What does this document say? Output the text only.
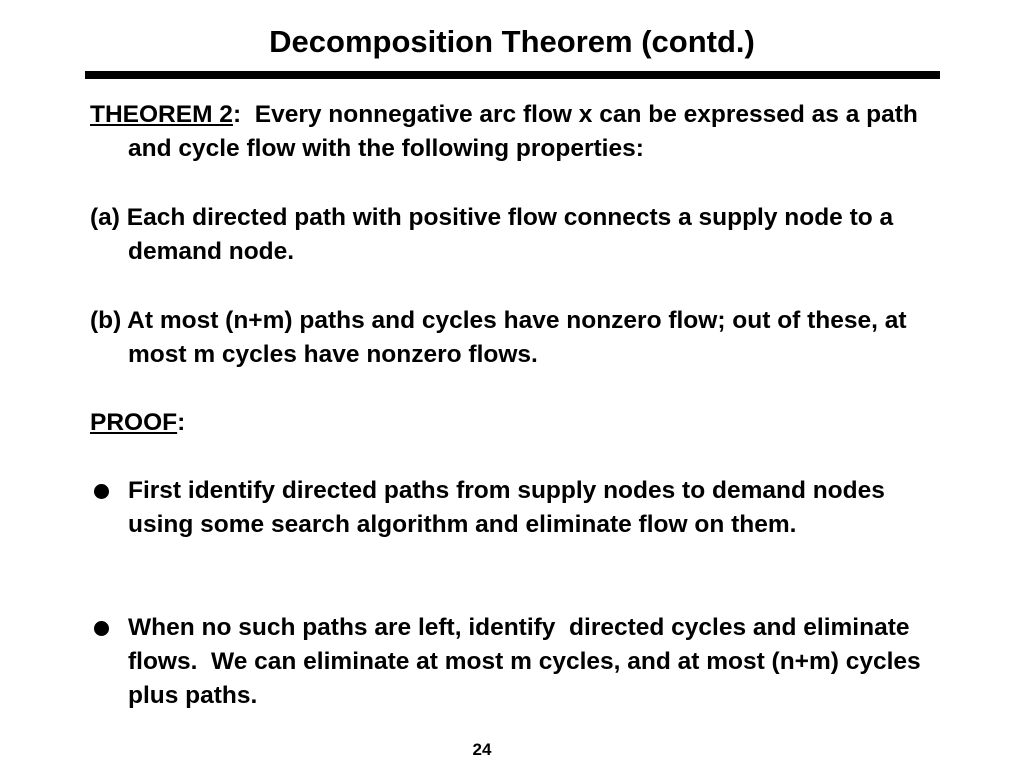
Decomposition Theorem (contd.)
THEOREM 2:  Every nonnegative arc flow x can be expressed as a path and cycle flow with the following properties:
(a) Each directed path with positive flow connects a supply node to a demand node.
(b) At most (n+m) paths and cycles have nonzero flow; out of these, at most m cycles have nonzero flows.
PROOF:
First identify directed paths from supply nodes to demand nodes using some search algorithm and eliminate flow on them.
When no such paths are left, identify  directed cycles and eliminate flows.  We can eliminate at most m cycles, and at most (n+m) cycles plus paths.
24
